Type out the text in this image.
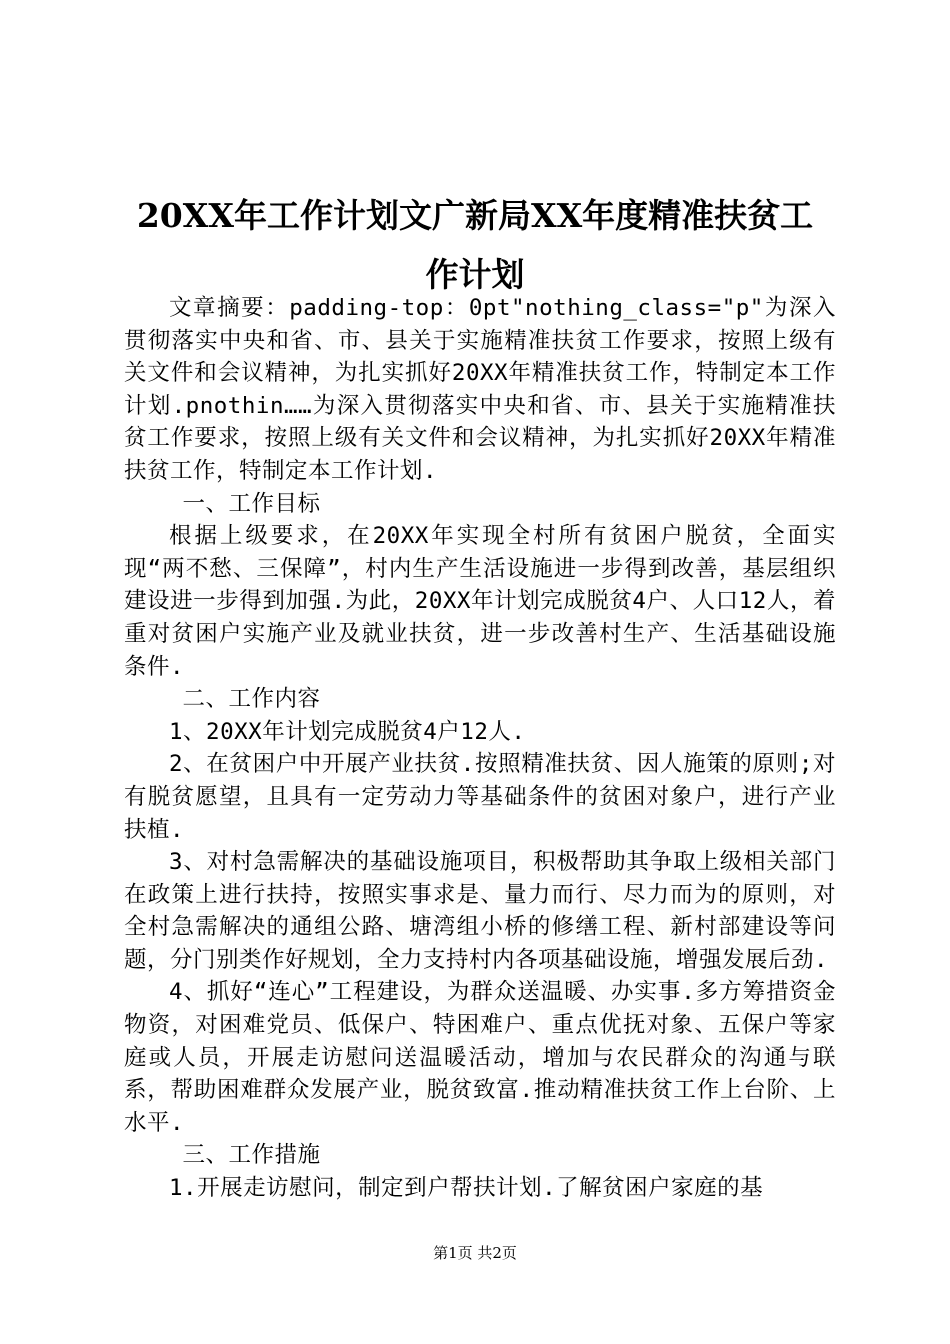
20XX年工作计划文广新局XX年度精准扶贫工
作计划

文章摘要：padding-top：0pt"nothing_class="p"为深入贯彻落实中央和省、市、县关于实施精准扶贫工作要求，按照上级有关文件和会议精神，为扎实抓好20XX年精准扶贫工作，特制定本工作计划.pnothin……为深入贯彻落实中央和省、市、县关于实施精准扶贫工作要求，按照上级有关文件和会议精神，为扎实抓好20XX年精准扶贫工作，特制定本工作计划.

一、工作目标

根据上级要求，在20XX年实现全村所有贫困户脱贫，全面实现“两不愁、三保障”，村内生产生活设施进一步得到改善，基层组织建设进一步得到加强.为此，20XX年计划完成脱贫4户、人口12人，着重对贫困户实施产业及就业扶贫，进一步改善村生产、生活基础设施条件.

二、工作内容

1、20XX年计划完成脱贫4户12人.

2、在贫困户中开展产业扶贫.按照精准扶贫、因人施策的原则;对有脱贫愿望，且具有一定劳动力等基础条件的贫困对象户，进行产业扶植.

3、对村急需解决的基础设施项目，积极帮助其争取上级相关部门在政策上进行扶持，按照实事求是、量力而行、尽力而为的原则，对全村急需解决的通组公路、塘湾组小桥的修缮工程、新村部建设等问题，分门别类作好规划，全力支持村内各项基础设施，增强发展后劲.

4、抓好“连心”工程建设，为群众送温暖、办实事.多方筹措资金物资，对困难党员、低保户、特困难户、重点优抚对象、五保户等家庭或人员，开展走访慰问送温暖活动，增加与农民群众的沟通与联系，帮助困难群众发展产业，脱贫致富.推动精准扶贫工作上台阶、上水平.

三、工作措施

1.开展走访慰问，制定到户帮扶计划.了解贫困户家庭的基

第1页 共2页
